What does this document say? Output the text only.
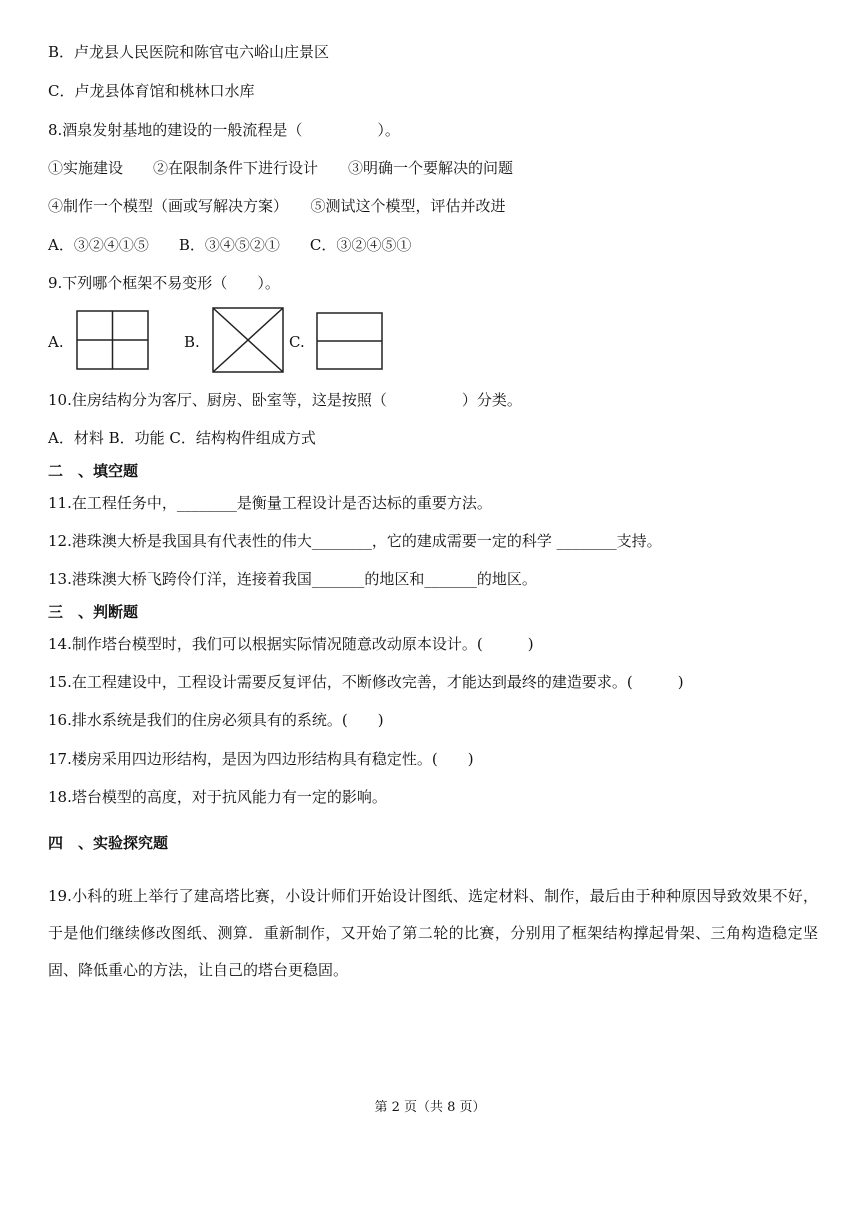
B．卢龙县人民医院和陈官屯六峪山庄景区
C．卢龙县体育馆和桃林口水库
8.酒泉发射基地的建设的一般流程是（　　　　　）。
①实施建设　　②在限制条件下进行设计　　③明确一个要解决的问题
④制作一个模型（画或写解决方案）　　⑤测试这个模型，评估并改进
A．③②④①⑤　　B．③④⑤②①　　C．③②④⑤①
9.下列哪个框架不易变形（　　）。
A.	B.	C.
10.住房结构分为客厅、厨房、卧室等，这是按照（　　　　　）分类。
A．材料 B．功能 C．结构构件组成方式
二　、填空题
11.在工程任务中，________是衡量工程设计是否达标的重要方法。
12.港珠澳大桥是我国具有代表性的伟大________，它的建成需要一定的科学 ________支持。
13.港珠澳大桥飞跨伶仃洋，连接着我国_______的地区和_______的地区。
三　、判断题
14.制作塔台模型时，我们可以根据实际情况随意改动原本设计。(　　　)
15.在工程建设中，工程设计需要反复评估，不断修改完善，才能达到最终的建造要求。(　　　)
16.排水系统是我们的住房必须具有的系统。(　　)
17.楼房采用四边形结构，是因为四边形结构具有稳定性。(　　)
18.塔台模型的高度，对于抗风能力有一定的影响。
四　、实验探究题
19.小科的班上举行了建高塔比赛，小设计师们开始设计图纸、选定材料、制作，最后由于种种原因导致效果不好，于是他们继续修改图纸、测算．重新制作，又开始了第二轮的比赛，分别用了框架结构撑起骨架、三角构造稳定坚固、降低重心的方法，让自己的塔台更稳固。
第 2 页（共 8 页）
